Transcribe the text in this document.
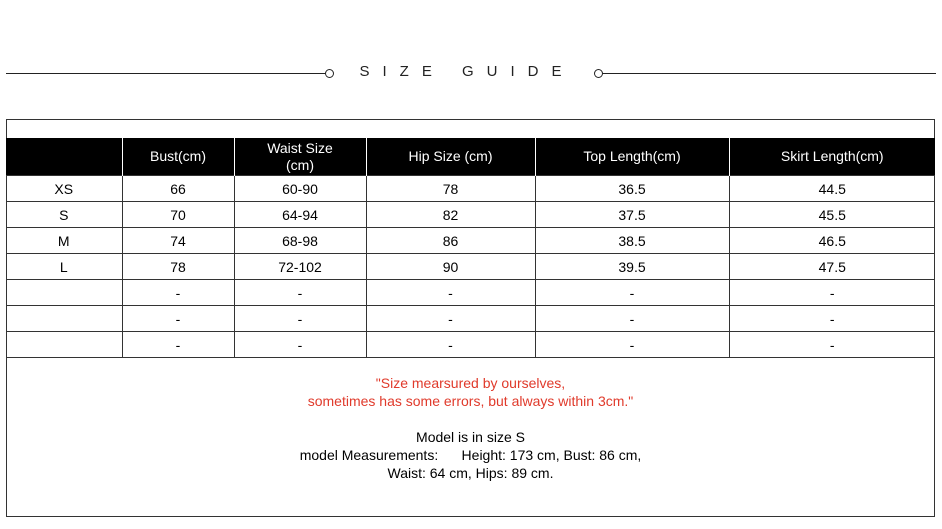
SIZE GUIDE
	Bust(cm)	Waist Size (cm)	Hip Size (cm)	Top Length(cm)	Skirt Length(cm)
XS	66	60-90	78	36.5	44.5
S	70	64-94	82	37.5	45.5
M	74	68-98	86	38.5	46.5
L	78	72-102	90	39.5	47.5
	-	-	-	-	-
	-	-	-	-	-
	-	-	-	-	-
"Size mearsured by ourselves,
sometimes has some errors, but always within 3cm."
Model is in size S
model Measurements:      Height: 173 cm, Bust: 86 cm,
Waist: 64 cm, Hips: 89 cm.
